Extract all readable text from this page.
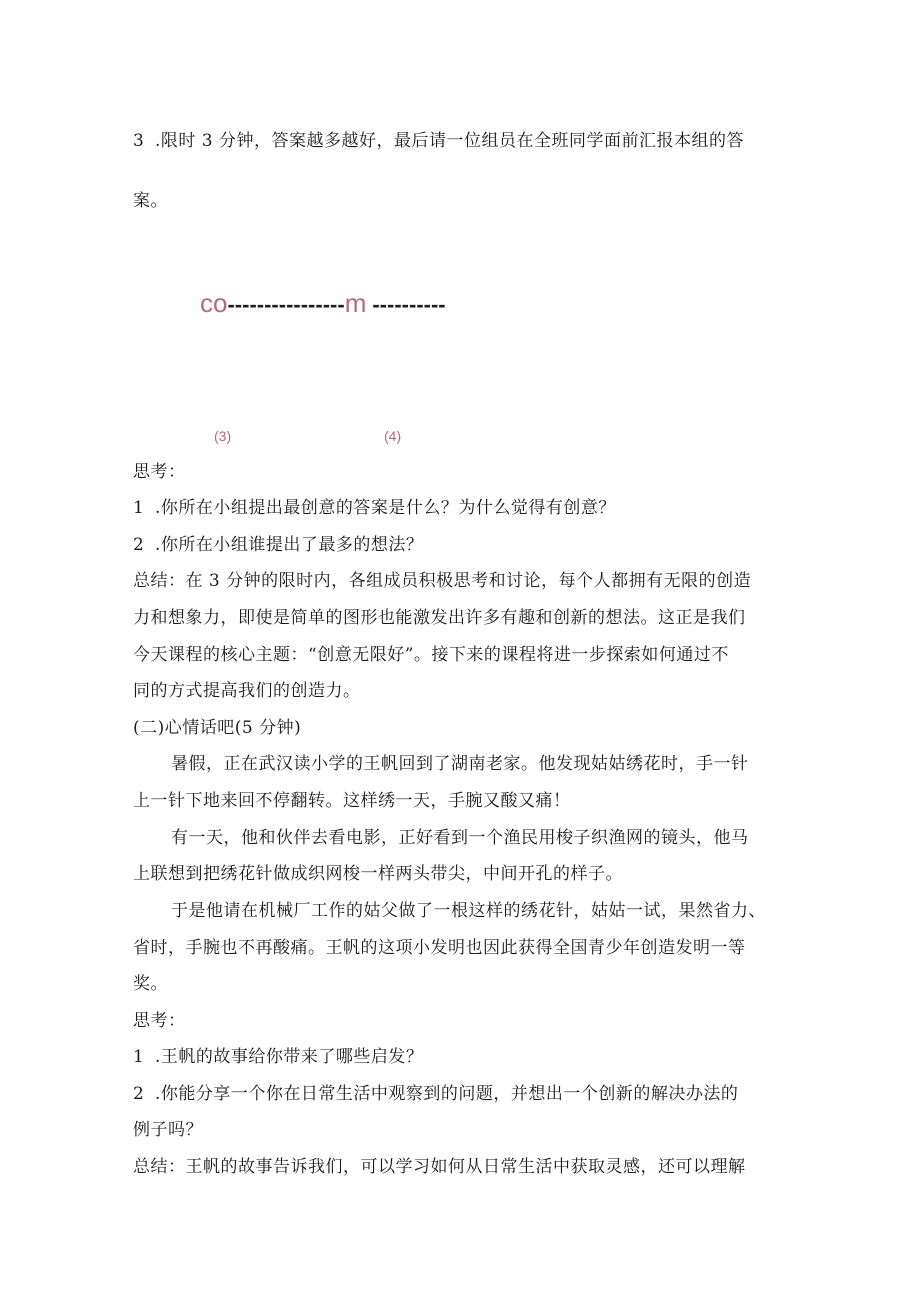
3 .限时 3 分钟，答案越多越好，最后请一位组员在全班同学面前汇报本组的答
案。
co ---------------- m ----------
(3)	(4)
思考：
1 .你所在小组提出最创意的答案是什么？为什么觉得有创意？
2 .你所在小组谁提出了最多的想法？
总结：在 3 分钟的限时内，各组成员积极思考和讨论，每个人都拥有无限的创造
力和想象力，即使是简单的图形也能激发出许多有趣和创新的想法。这正是我们
今天课程的核心主题：“创意无限好”。接下来的课程将进一步探索如何通过不
同的方式提高我们的创造力。
(二)心情话吧(5 分钟)
暑假，正在武汉读小学的王帆回到了湖南老家。他发现姑姑绣花时，手一针
上一针下地来回不停翻转。这样绣一天，手腕又酸又痛！
有一天，他和伙伴去看电影，正好看到一个渔民用梭子织渔网的镜头，他马
上联想到把绣花针做成织网梭一样两头带尖，中间开孔的样子。
于是他请在机械厂工作的姑父做了一根这样的绣花针，姑姑一试，果然省力、
省时，手腕也不再酸痛。王帆的这项小发明也因此获得全国青少年创造发明一等
奖。
思考：
1 .王帆的故事给你带来了哪些启发？
2 .你能分享一个你在日常生活中观察到的问题，并想出一个创新的解决办法的
例子吗？
总结：王帆的故事告诉我们，可以学习如何从日常生活中获取灵感，还可以理解
